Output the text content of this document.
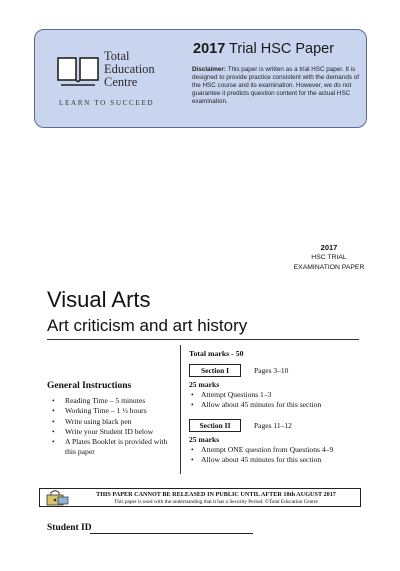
Total
Education
Centre
LEARN TO SUCCEED
2017 Trial HSC Paper
Disclaimer: This paper is written as a trial HSC paper. It is designed to provide practice consistent with the demands of the HSC course and its examination. However, we do not guarantee it predicts question content for the actual HSC examination.
2017
HSC TRIAL
EXAMINATION PAPER
Visual Arts
Art criticism and art history
General Instructions
• Reading Time – 5 minutes
• Working Time – 1 ½ hours
• Write using black pen
• Write your Student ID below
• A Plates Booklet is provided with this paper
Total marks - 50
Section I	Pages 3–10
25 marks
• Attempt Questions 1–3
• Allow about 45 minutes for this section
Section II	Pages 11–12
25 marks
• Attempt ONE question from Questions 4–9
• Allow about 45 minutes for this section
THIS PAPER CANNOT BE RELEASED IN PUBLIC UNTIL AFTER 18th AUGUST 2017
This paper is used with the understanding that it has a Security Period. ©Total Education Centre
Student ID
